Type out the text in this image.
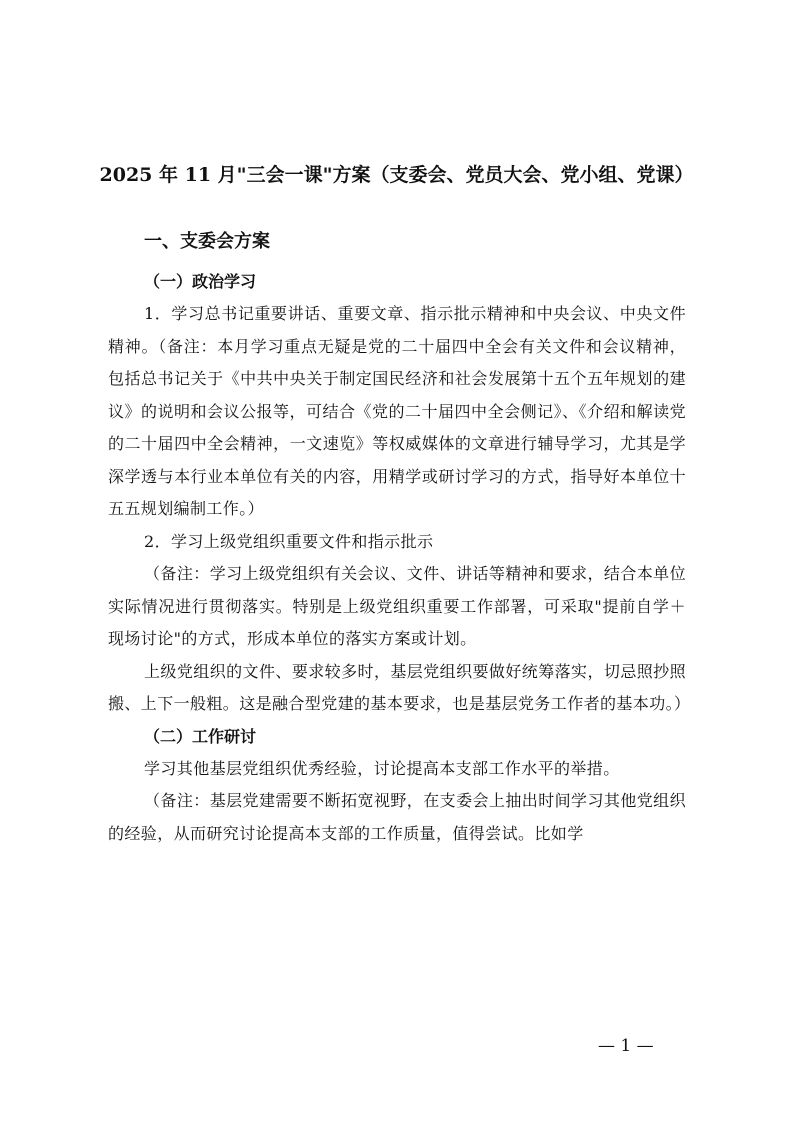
2025 年 11 月"三会一课"方案（支委会、党员大会、党小组、党课）
一、支委会方案
（一）政治学习

1．学习总书记重要讲话、重要文章、指示批示精神和中央会议、中央文件精神。（备注：本月学习重点无疑是党的二十届四中全会有关文件和会议精神，包括总书记关于《中共中央关于制定国民经济和社会发展第十五个五年规划的建议》的说明和会议公报等，可结合《党的二十届四中全会侧记》、《介绍和解读党的二十届四中全会精神，一文速览》等权威媒体的文章进行辅导学习，尤其是学深学透与本行业本单位有关的内容，用精学或研讨学习的方式，指导好本单位十五五规划编制工作。）

2．学习上级党组织重要文件和指示批示

（备注：学习上级党组织有关会议、文件、讲话等精神和要求，结合本单位实际情况进行贯彻落实。特别是上级党组织重要工作部署，可采取"提前自学＋现场讨论"的方式，形成本单位的落实方案或计划。

上级党组织的文件、要求较多时，基层党组织要做好统筹落实，切忌照抄照搬、上下一般粗。这是融合型党建的基本要求，也是基层党务工作者的基本功。）

（二）工作研讨

学习其他基层党组织优秀经验，讨论提高本支部工作水平的举措。

（备注：基层党建需要不断拓宽视野，在支委会上抽出时间学习其他党组织的经验，从而研究讨论提高本支部的工作质量，值得尝试。比如学

— 1 —
